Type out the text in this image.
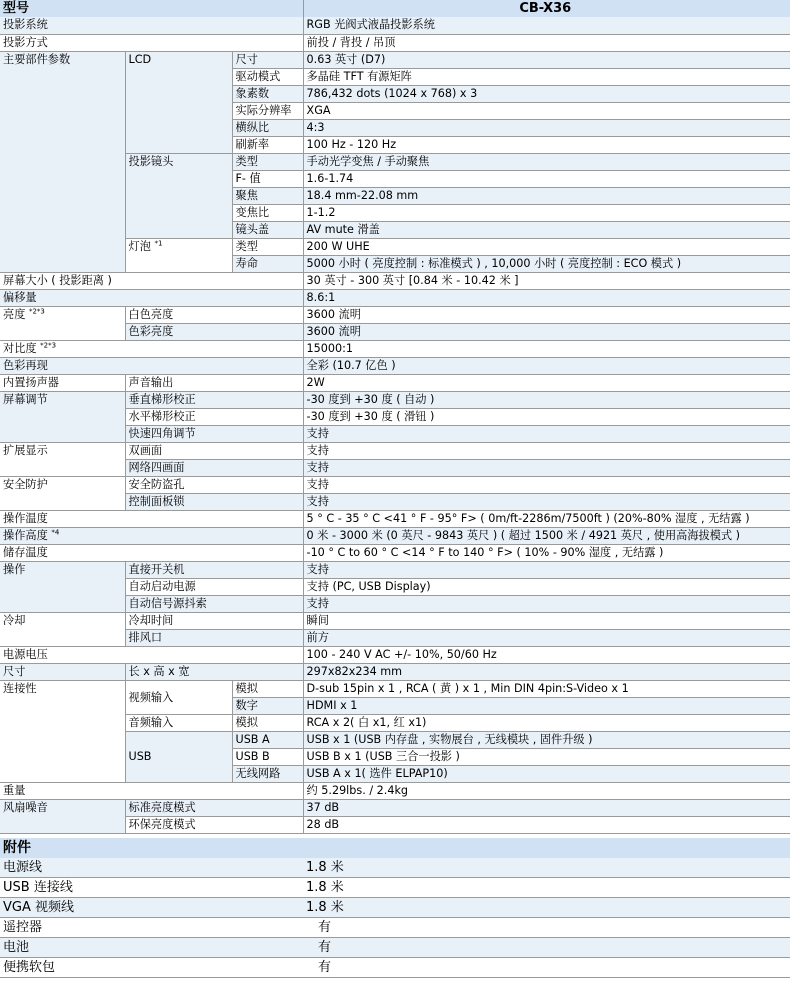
型号			CB-X36
投影系统			RGB 光阀式液晶投影系统
投影方式			前投 / 背投 / 吊顶
主要部件参数	LCD	尺寸	0.63 英寸 (D7)
		驱动模式	多晶硅 TFT 有源矩阵
		象素数	786,432 dots (1024 x 768) x 3
		实际分辨率	XGA
		横纵比	4:3
		刷新率	100 Hz - 120 Hz
	投影镜头	类型	手动光学变焦 / 手动聚焦
		F- 值	1.6-1.74
		聚焦	18.4 mm-22.08 mm
		变焦比	1-1.2
		镜头盖	AV mute 滑盖
	灯泡 $^{*1}$	类型	200 W UHE
		寿命	5000 小时 ( 亮度控制 : 标准模式 ) , 10,000 小时 ( 亮度控制 : ECO 模式 )
屏幕大小 ( 投影距离 )			30 英寸 - 300 英寸 [0.84 米 - 10.42 米 ]
偏移量			8.6:1
亮度 $^{*2*3}$	白色亮度		3600 流明
	色彩亮度		3600 流明
对比度 $^{*2*3}$			15000:1
色彩再现			全彩 (10.7 亿色 )
内置扬声器	声音输出		2W
屏幕调节	垂直梯形校正		-30 度到 +30 度 ( 自动 )
	水平梯形校正		-30 度到 +30 度 ( 滑钮 )
	快速四角调节		支持
扩展显示	双画面		支持
	网络四画面		支持
安全防护	安全防盗孔		支持
	控制面板锁		支持
操作温度			5 ° C - 35 ° C <41 ° F - 95° F> ( 0m/ft-2286m/7500ft ) (20%-80% 湿度 , 无结露 )
操作高度 $^{*4}$			0 米 - 3000 米 (0 英尺 - 9843 英尺 ) ( 超过 1500 米 / 4921 英尺 , 使用高海拔模式 )
储存温度			-10 ° C to 60 ° C <14 ° F to 140 ° F> ( 10% - 90% 湿度 , 无结露 )
操作	直接开关机		支持
	自动启动电源		支持 (PC, USB Display)
	自动信号源抖索		支持
冷却	冷却时间		瞬间
	排风口		前方
电源电压			100 - 240 V AC +/- 10%, 50/60 Hz
尺寸	长 x 高 x 宽		297x82x234 mm
连接性	视频输入	模拟	D-sub 15pin x 1 , RCA ( 黄 ) x 1 , Min DIN 4pin:S-Video x 1
		数字	HDMI x 1
	音频输入	模拟	RCA x 2( 白 x1, 红 x1)
	USB	USB A	USB x 1 (USB 内存盘 , 实物展台 , 无线模块 , 固件升级 )
		USB B	USB B x 1 (USB 三合一投影 )
		无线网路	USB A x 1( 选件 ELPAP10)
重量			约 5.29lbs. / 2.4kg
风扇噪音	标准亮度模式		37 dB
	环保亮度模式		28 dB
附件
电源线	1.8 米
USB 连接线	1.8 米
VGA 视频线	1.8 米
遥控器	有
电池	有
便携软包	有
